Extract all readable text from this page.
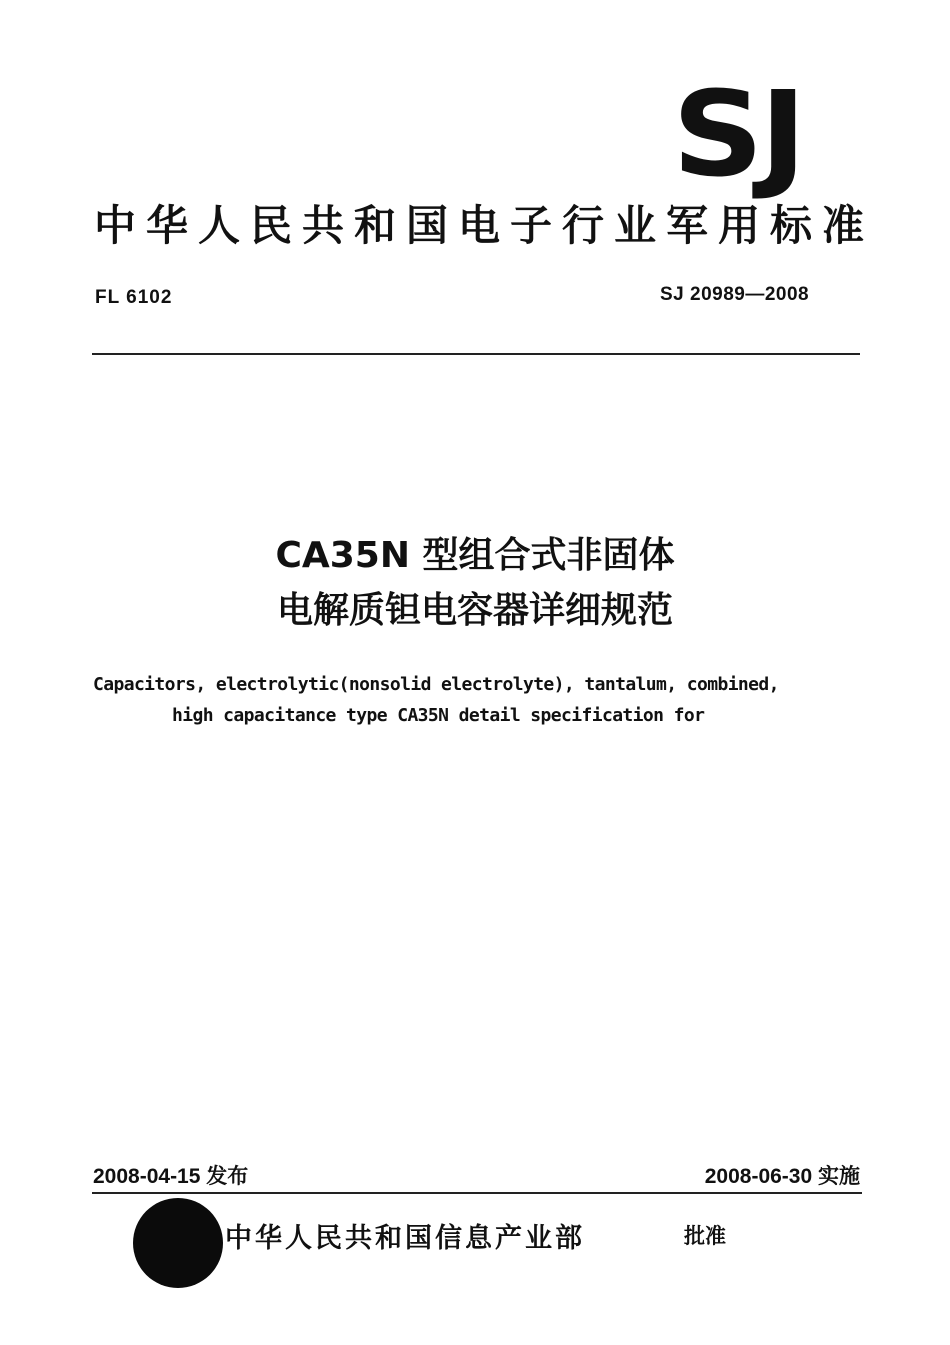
SJ
中华人民共和国电子行业军用标准
FL 6102	SJ 20989—2008
CA35N 型组合式非固体
电解质钽电容器详细规范
Capacitors, electrolytic(nonsolid electrolyte), tantalum, combined,
high capacitance type CA35N detail specification for
2008-04-15 发布	2008-06-30 实施
中华人民共和国信息产业部	批准
